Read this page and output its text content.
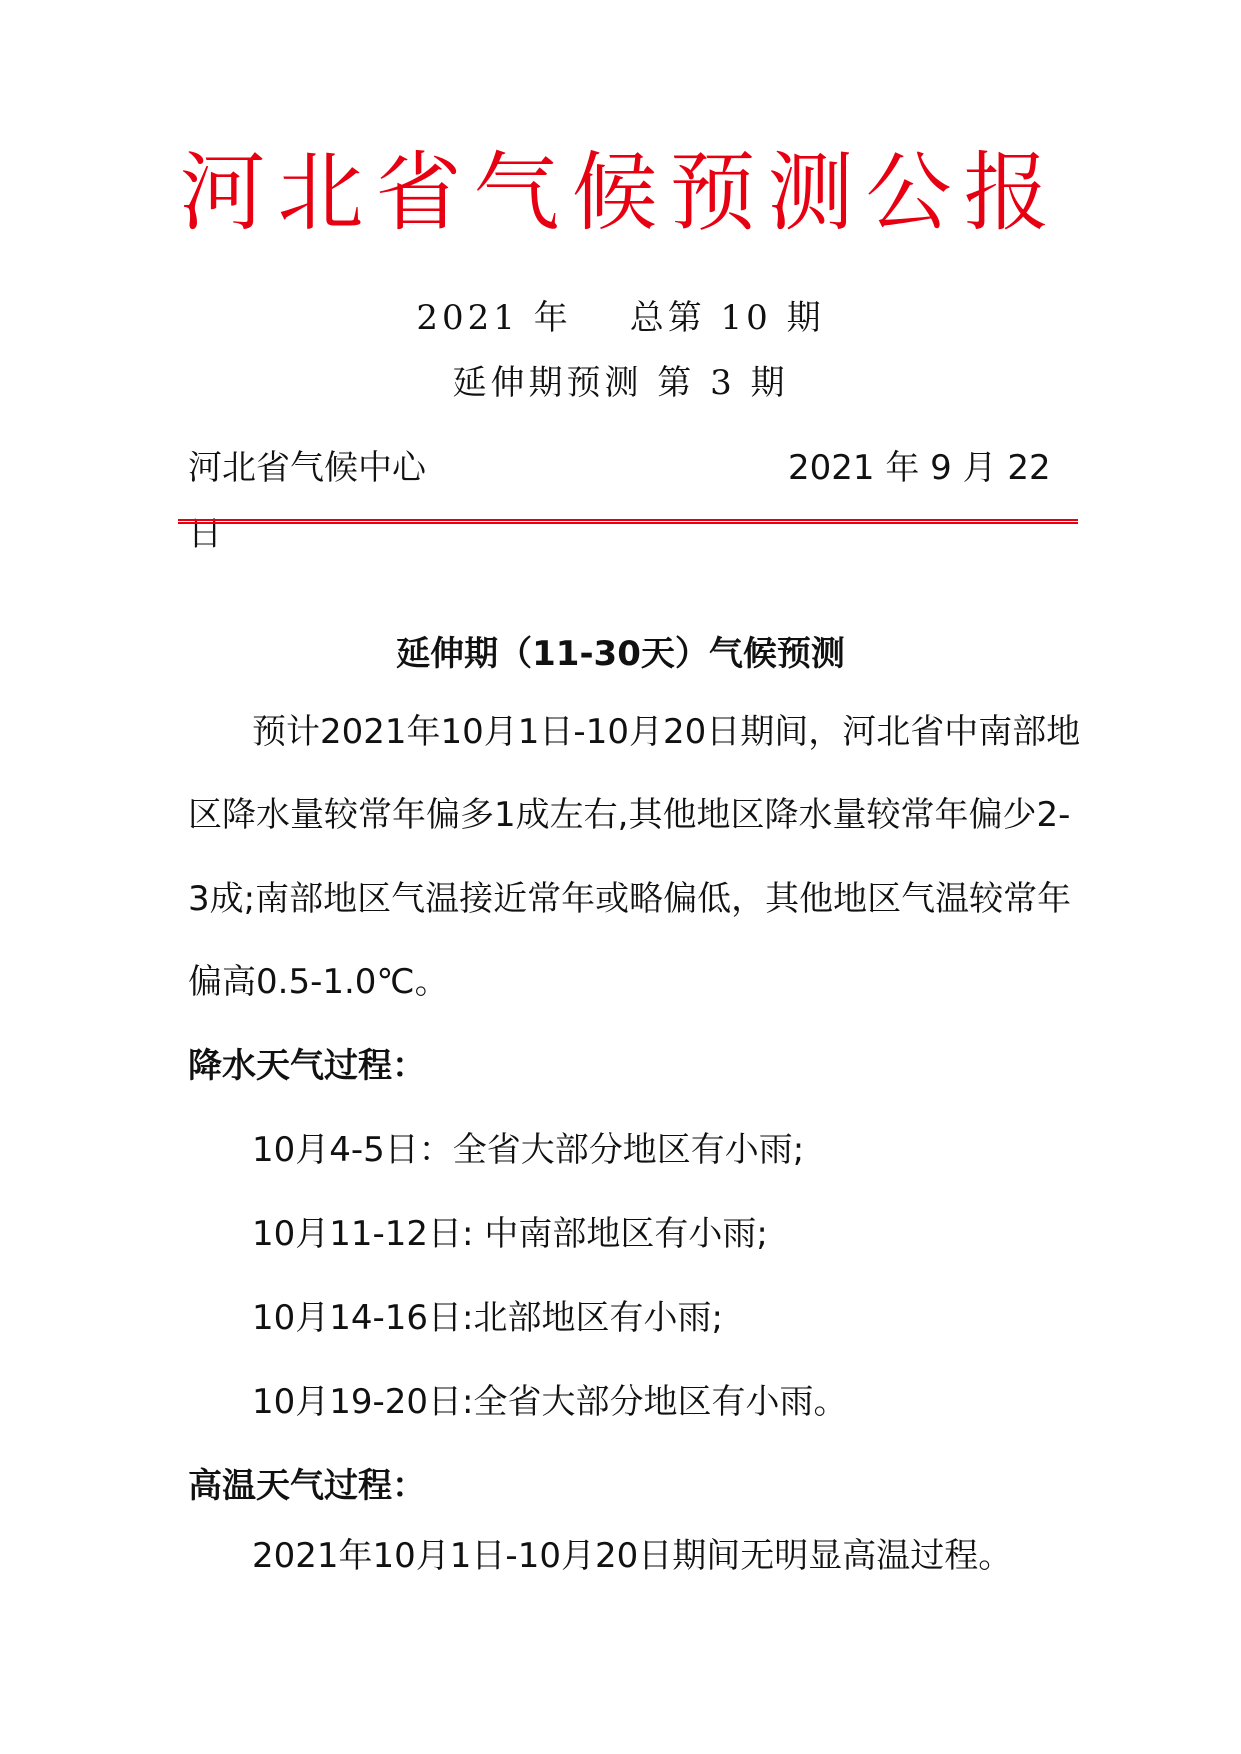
河北省气候预测公报
2021 年 总第 10 期
延伸期预测 第 3 期
河北省气候中心	2021 年 9 月 22
日
延伸期（11-30天）气候预测
预计2021年10月1日-10月20日期间，河北省中南部地
区降水量较常年偏多1成左右,其他地区降水量较常年偏少2-
3成;南部地区气温接近常年或略偏低，其他地区气温较常年
偏高0.5-1.0℃。
降水天气过程：
10月4-5日：全省大部分地区有小雨;
10月11-12日: 中南部地区有小雨;
10月14-16日:北部地区有小雨;
10月19-20日:全省大部分地区有小雨。
高温天气过程：
2021年10月1日-10月20日期间无明显高温过程。
